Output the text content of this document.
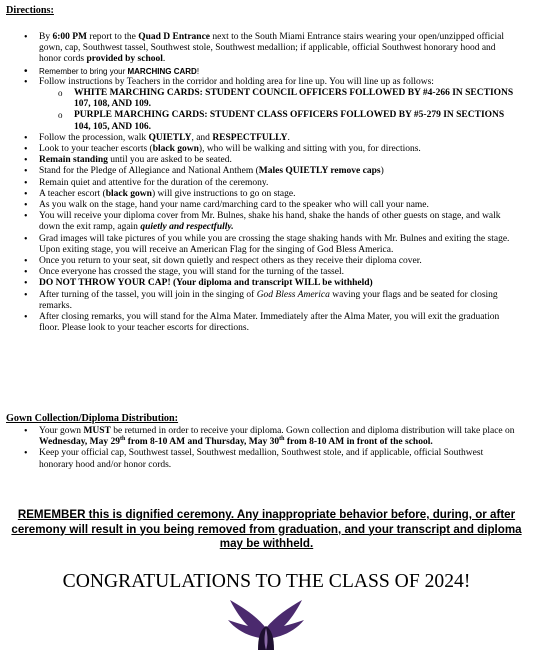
Directions:
• By 6:00 PM report to the Quad D Entrance next to the South Miami Entrance stairs wearing your open/unzipped official gown, cap, Southwest tassel, Southwest stole, Southwest medallion; if applicable, official Southwest honorary hood and honor cords provided by school.
• Remember to bring your MARCHING CARD!
• Follow instructions by Teachers in the corridor and holding area for line up. You will line up as follows:
o WHITE MARCHING CARDS: STUDENT COUNCIL OFFICERS FOLLOWED BY #4-266 IN SECTIONS 107, 108, AND 109.
o PURPLE MARCHING CARDS: STUDENT CLASS OFFICERS FOLLOWED BY #5-279 IN SECTIONS 104, 105, AND 106.
• Follow the procession, walk QUIETLY, and RESPECTFULLY.
• Look to your teacher escorts (black gown), who will be walking and sitting with you, for directions.
• Remain standing until you are asked to be seated.
• Stand for the Pledge of Allegiance and National Anthem (Males QUIETLY remove caps)
• Remain quiet and attentive for the duration of the ceremony.
• A teacher escort (black gown) will give instructions to go on stage.
• As you walk on the stage, hand your name card/marching card to the speaker who will call your name.
• You will receive your diploma cover from Mr. Bulnes, shake his hand, shake the hands of other guests on stage, and walk down the exit ramp, again quietly and respectfully.
• Grad images will take pictures of you while you are crossing the stage shaking hands with Mr. Bulnes and exiting the stage. Upon exiting stage, you will receive an American Flag for the singing of God Bless America.
• Once you return to your seat, sit down quietly and respect others as they receive their diploma cover.
• Once everyone has crossed the stage, you will stand for the turning of the tassel.
• DO NOT THROW YOUR CAP! (Your diploma and transcript WILL be withheld)
• After turning of the tassel, you will join in the singing of God Bless America waving your flags and be seated for closing remarks.
• After closing remarks, you will stand for the Alma Mater. Immediately after the Alma Mater, you will exit the graduation floor. Please look to your teacher escorts for directions.
Gown Collection/Diploma Distribution:
• Your gown MUST be returned in order to receive your diploma. Gown collection and diploma distribution will take place on Wednesday, May 29th from 8-10 AM and Thursday, May 30th from 8-10 AM in front of the school.
• Keep your official cap, Southwest tassel, Southwest medallion, Southwest stole, and if applicable, official Southwest honorary hood and/or honor cords.
REMEMBER this is dignified ceremony. Any inappropriate behavior before, during, or after ceremony will result in you being removed from graduation, and your transcript and diploma may be withheld.
CONGRATULATIONS TO THE CLASS OF 2024!
